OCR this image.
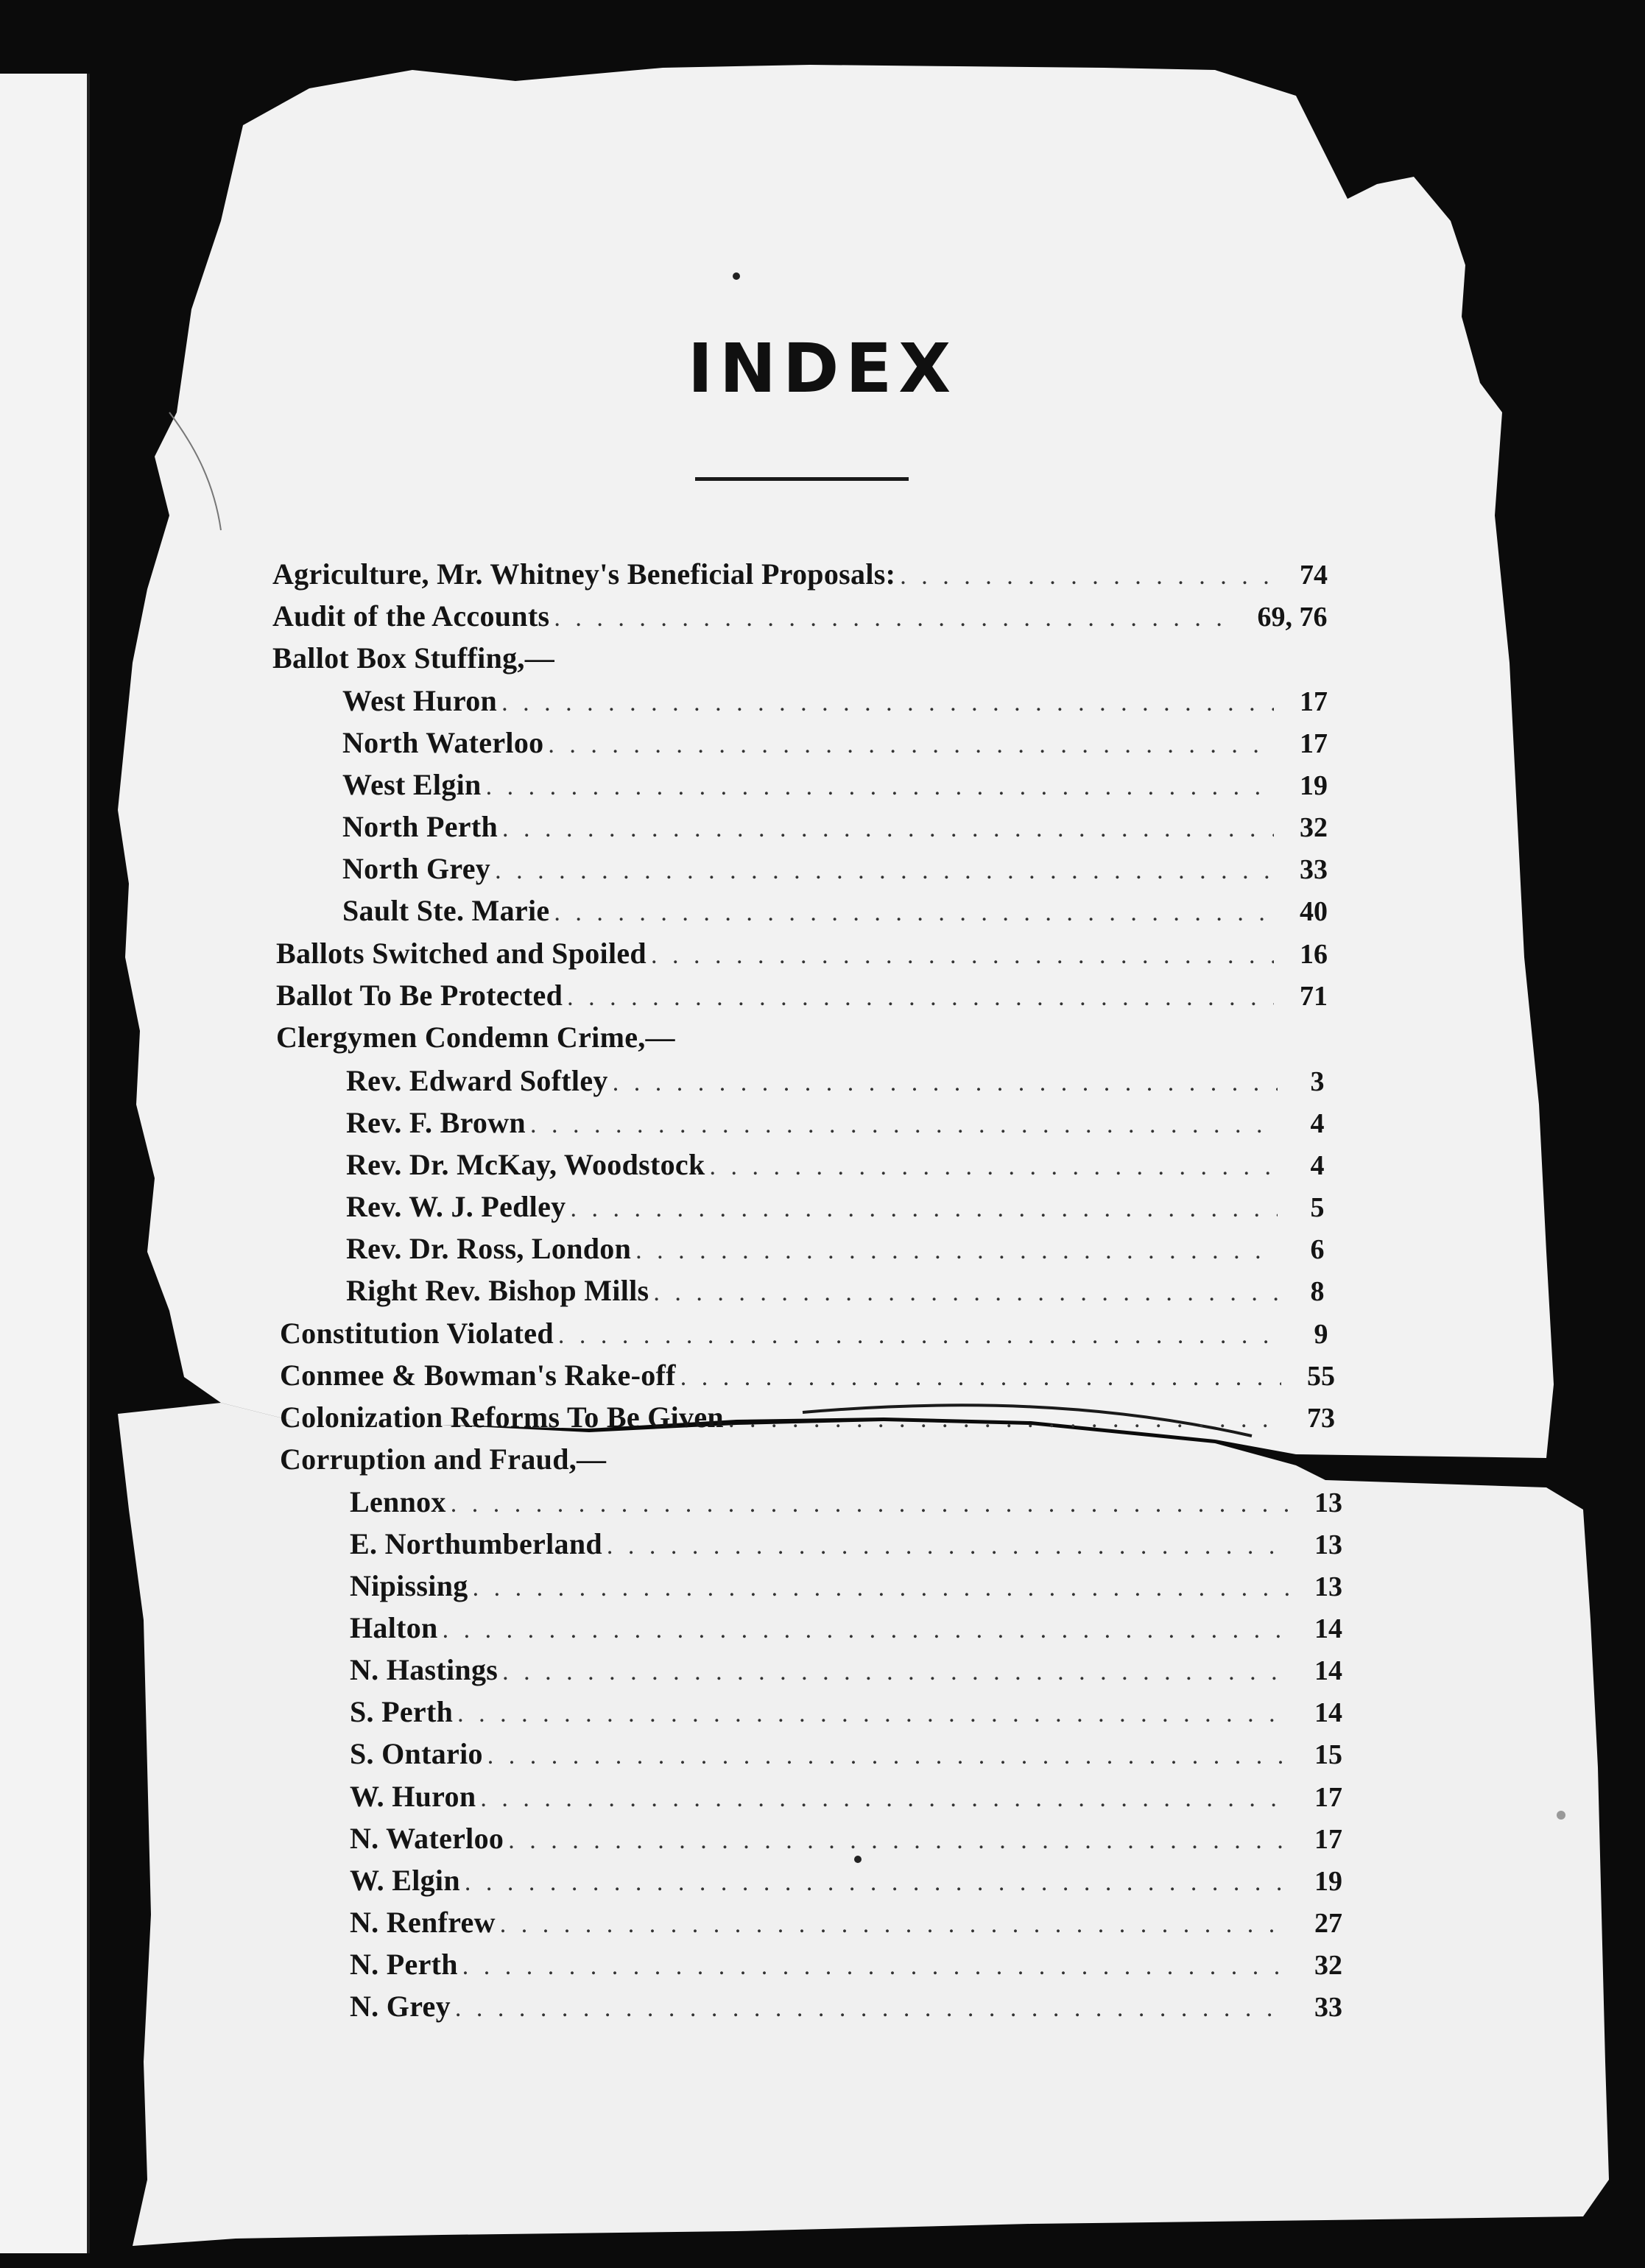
INDEX
Agriculture, Mr. Whitney's Beneficial Proposals: . . .	74
Audit of the Accounts . . .	69, 76
Ballot Box Stuffing,—
West Huron . . .	17
North Waterloo . . .	17
West Elgin . . .	19
North Perth . . .	32
North Grey . . .	33
Sault Ste. Marie . . .	40
Ballots Switched and Spoiled . . .	16
Ballot To Be Protected . . .	71
Clergymen Condemn Crime,—
Rev. Edward Softley . . .	3
Rev. F. Brown . . .	4
Rev. Dr. McKay, Woodstock . . .	4
Rev. W. J. Pedley . . .	5
Rev. Dr. Ross, London . . .	6
Right Rev. Bishop Mills . . .	8
Constitution Violated . . .	9
Conmee & Bowman's Rake-off . . .	55
Colonization Reforms To Be Given . . .	73
Corruption and Fraud,—
Lennox . . .	13
E. Northumberland . . .	13
Nipissing . . .	13
Halton . . .	14
N. Hastings . . .	14
S. Perth . . .	14
S. Ontario . . .	15
W. Huron . . .	17
N. Waterloo . . .	17
W. Elgin . . .	19
N. Renfrew . . .	27
N. Perth . . .	32
N. Grey . . .	33
